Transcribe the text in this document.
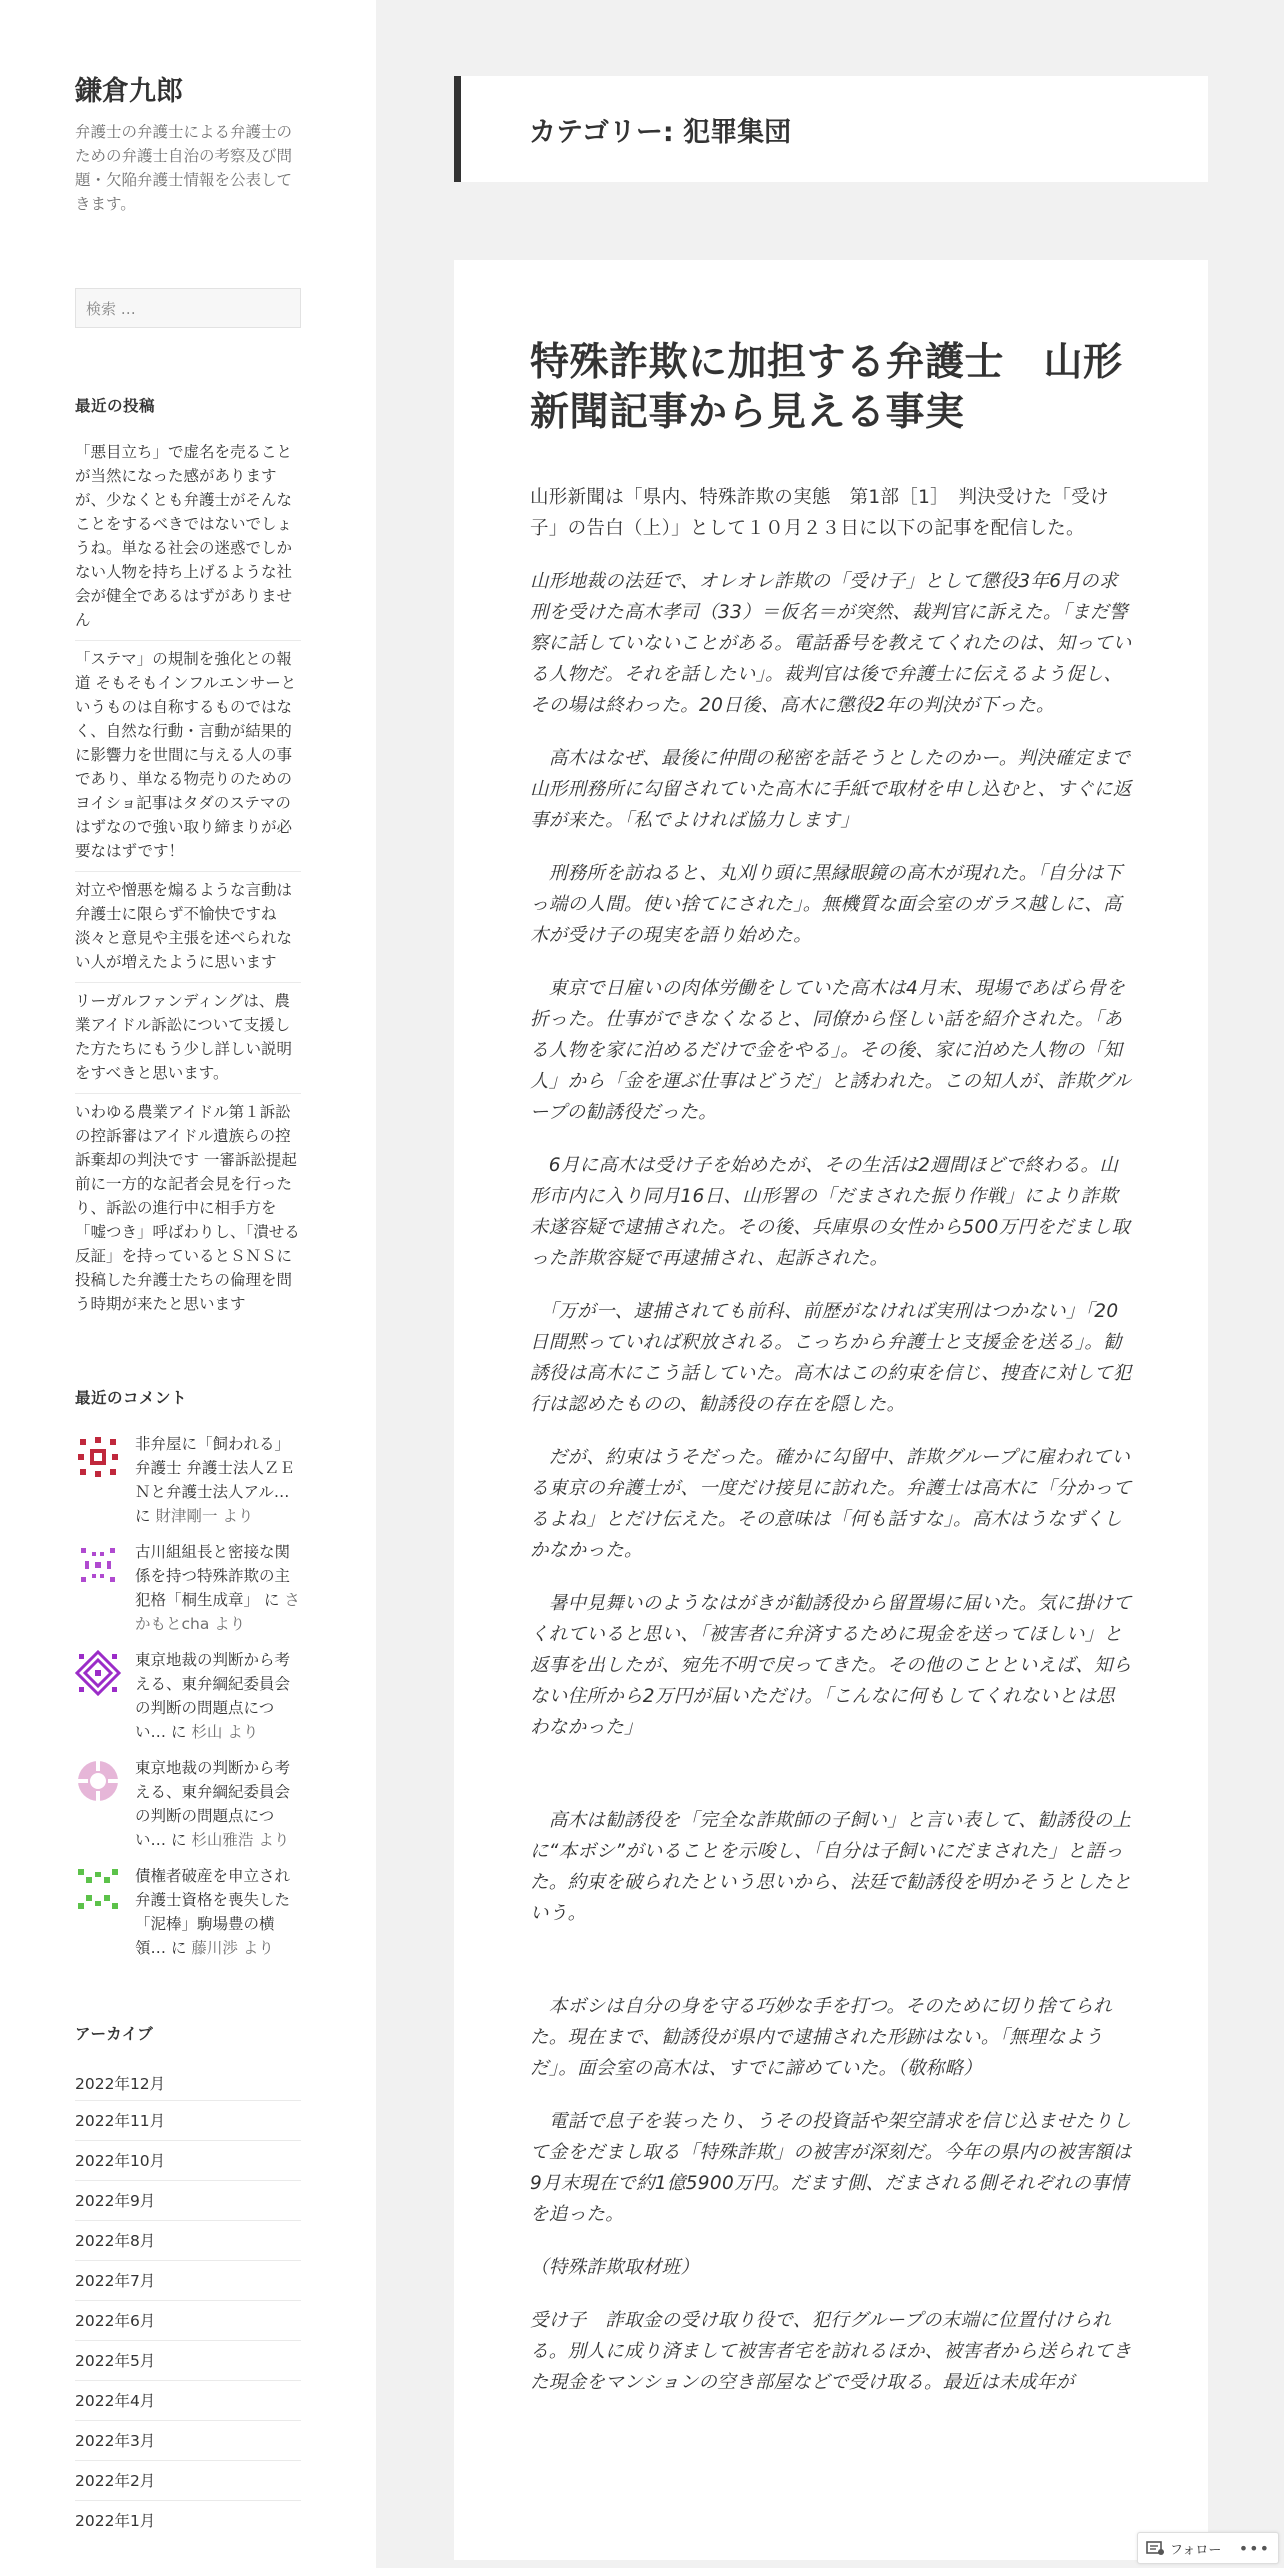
鎌倉九郎
弁護士の弁護士による弁護士のための弁護士自治の考察及び問題・欠陥弁護士情報を公表してきます。
検索 …
最近の投稿
「悪目立ち」で虚名を売ることが当然になった感がありますが、少なくとも弁護士がそんなことをするべきではないでしょうね。単なる社会の迷惑でしかない人物を持ち上げるような社会が健全であるはずがありません
「ステマ」の規制を強化との報道 そもそもインフルエンサーというものは自称するものではなく、自然な行動・言動が結果的に影響力を世間に与える人の事であり、単なる物売りのためのヨイショ記事はタダのステマのはずなので強い取り締まりが必要なはずです！
対立や憎悪を煽るような言動は弁護士に限らず不愉快ですね 淡々と意見や主張を述べられない人が増えたように思います
リーガルファンディングは、農業アイドル訴訟について支援した方たちにもう少し詳しい説明をすべきと思います。
いわゆる農業アイドル第１訴訟の控訴審はアイドル遺族らの控訴棄却の判決です 一審訴訟提起前に一方的な記者会見を行ったり、訴訟の進行中に相手方を「嘘つき」呼ばわりし、「潰せる反証」を持っているとＳＮＳに投稿した弁護士たちの倫理を問う時期が来たと思います
最近のコメント
非弁屋に「飼われる」弁護士 弁護士法人ＺＥＮと弁護士法人アル… に 財津剛一 より
古川組組長と密接な関係を持つ特殊詐欺の主犯格「桐生成章」 に さかもとcha より
東京地裁の判断から考える、東弁綱紀委員会の判断の問題点につい… に 杉山 より
東京地裁の判断から考える、東弁綱紀委員会の判断の問題点につい… に 杉山雅浩 より
債権者破産を申立され弁護士資格を喪失した「泥棒」駒場豊の横領… に 藤川渉 より
アーカイブ
2022年12月
2022年11月
2022年10月
2022年9月
2022年8月
2022年7月
2022年6月
2022年5月
2022年4月
2022年3月
2022年2月
2022年1月
カテゴリー: 犯罪集団
特殊詐欺に加担する弁護士　山形新聞記事から見える事実

山形新聞は「県内、特殊詐欺の実態　第1部［1］　判決受けた「受け子」の告白（上）」として１０月２３日に以下の記事を配信した。

山形地裁の法廷で、オレオレ詐欺の「受け子」として懲役3年6月の求刑を受けた高木孝司（33）＝仮名＝が突然、裁判官に訴えた。「まだ警察に話していないことがある。電話番号を教えてくれたのは、知っている人物だ。それを話したい」。裁判官は後で弁護士に伝えるよう促し、その場は終わった。20日後、高木に懲役2年の判決が下った。

　高木はなぜ、最後に仲間の秘密を話そうとしたのかー。判決確定まで山形刑務所に勾留されていた高木に手紙で取材を申し込むと、すぐに返事が来た。「私でよければ協力します」

　刑務所を訪ねると、丸刈り頭に黒縁眼鏡の高木が現れた。「自分は下っ端の人間。使い捨てにされた」。無機質な面会室のガラス越しに、高木が受け子の現実を語り始めた。

　東京で日雇いの肉体労働をしていた高木は4月末、現場であばら骨を折った。仕事ができなくなると、同僚から怪しい話を紹介された。「ある人物を家に泊めるだけで金をやる」。その後、家に泊めた人物の「知人」から「金を運ぶ仕事はどうだ」と誘われた。この知人が、詐欺グループの勧誘役だった。

　6月に高木は受け子を始めたが、その生活は2週間ほどで終わる。山形市内に入り同月16日、山形署の「だまされた振り作戦」により詐欺未遂容疑で逮捕された。その後、兵庫県の女性から500万円をだまし取った詐欺容疑で再逮捕され、起訴された。

　「万が一、逮捕されても前科、前歴がなければ実刑はつかない」「20日間黙っていれば釈放される。こっちから弁護士と支援金を送る」。勧誘役は高木にこう話していた。高木はこの約束を信じ、捜査に対して犯行は認めたものの、勧誘役の存在を隠した。

　だが、約束はうそだった。確かに勾留中、詐欺グループに雇われている東京の弁護士が、一度だけ接見に訪れた。弁護士は高木に「分かってるよね」とだけ伝えた。その意味は「何も話すな」。高木はうなずくしかなかった。

　暑中見舞いのようなはがきが勧誘役から留置場に届いた。気に掛けてくれていると思い、「被害者に弁済するために現金を送ってほしい」と返事を出したが、宛先不明で戻ってきた。その他のことといえば、知らない住所から2万円が届いただけ。「こんなに何もしてくれないとは思わなかった」

　高木は勧誘役を「完全な詐欺師の子飼い」と言い表して、勧誘役の上に“本ボシ”がいることを示唆し、「自分は子飼いにだまされた」と語った。約束を破られたという思いから、法廷で勧誘役を明かそうとしたという。

　本ボシは自分の身を守る巧妙な手を打つ。そのために切り捨てられた。現在まで、勧誘役が県内で逮捕された形跡はない。「無理なようだ」。面会室の高木は、すでに諦めていた。（敬称略）

　電話で息子を装ったり、うその投資話や架空請求を信じ込ませたりして金をだまし取る「特殊詐欺」の被害が深刻だ。今年の県内の被害額は9月末現在で約1億5900万円。だます側、だまされる側それぞれの事情を追った。

（特殊詐欺取材班）

受け子　詐取金の受け取り役で、犯行グループの末端に位置付けられる。別人に成り済まして被害者宅を訪れるほか、被害者から送られてきた現金をマンションの空き部屋などで受け取る。最近は未成年が

フォロー •••
